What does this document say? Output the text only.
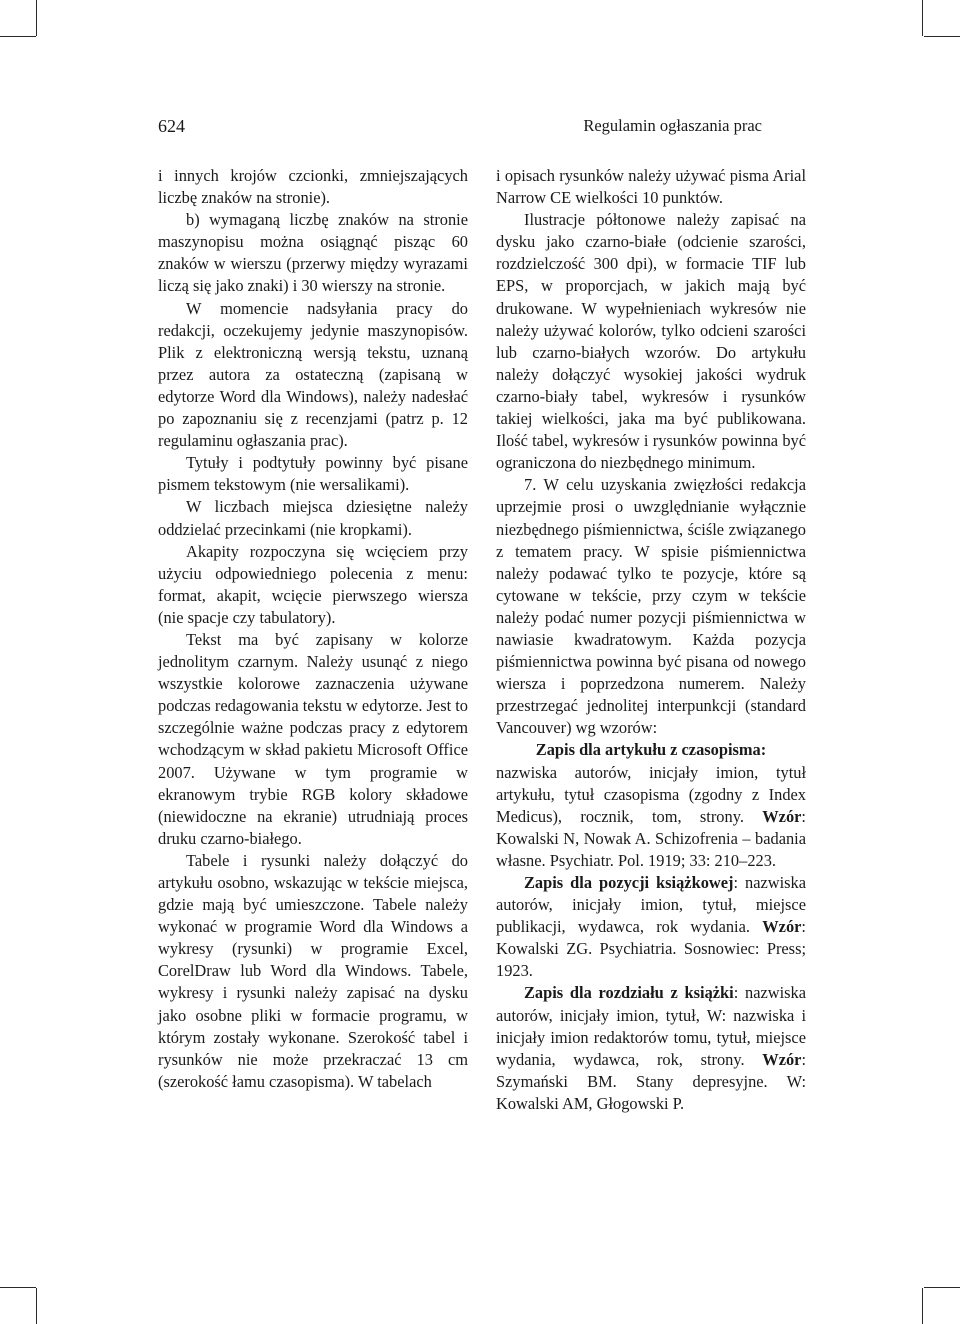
624	Regulamin ogłaszania prac

i innych krojów czcionki, zmniejszających liczbę znaków na stronie).

b) wymaganą liczbę znaków na stronie maszynopisu można osiągnąć pisząc 60 znaków w wierszu (przerwy między wyrazami liczą się jako znaki) i 30 wierszy na stronie.

W momencie nadsyłania pracy do redakcji, oczekujemy jedynie maszynopisów. Plik z elektroniczną wersją tekstu, uznaną przez autora za ostateczną (zapisaną w edytorze Word dla Windows), należy nadesłać po zapoznaniu się z recenzjami (patrz p. 12 regulaminu ogłaszania prac).

Tytuły i podtytuły powinny być pisane pismem tekstowym (nie wersalikami).

W liczbach miejsca dziesiętne należy oddzielać przecinkami (nie kropkami).

Akapity rozpoczyna się wcięciem przy użyciu odpowiedniego polecenia z menu: format, akapit, wcięcie pierwszego wiersza (nie spacje czy tabulatory).

Tekst ma być zapisany w kolorze jednolitym czarnym. Należy usunąć z niego wszystkie kolorowe zaznaczenia używane podczas redagowania tekstu w edytorze. Jest to szczególnie ważne podczas pracy z edytorem wchodzącym w skład pakietu Microsoft Office 2007. Używane w tym programie w ekranowym trybie RGB kolory składowe (niewidoczne na ekranie) utrudniają proces druku czarno-białego.

Tabele i rysunki należy dołączyć do artykułu osobno, wskazując w tekście miejsca, gdzie mają być umieszczone. Tabele należy wykonać w programie Word dla Windows a wykresy (rysunki) w programie Excel, CorelDraw lub Word dla Windows. Tabele, wykresy i rysunki należy zapisać na dysku jako osobne pliki w formacie programu, w którym zostały wykonane. Szerokość tabel i rysunków nie może przekraczać 13 cm (szerokość łamu czasopisma). W tabelach

i opisach rysunków należy używać pisma Arial Narrow CE wielkości 10 punktów.

Ilustracje półtonowe należy zapisać na dysku jako czarno-białe (odcienie szarości, rozdzielczość 300 dpi), w formacie TIF lub EPS, w proporcjach, w jakich mają być drukowane. W wypełnieniach wykresów nie należy używać kolorów, tylko odcieni szarości lub czarno-białych wzorów. Do artykułu należy dołączyć wysokiej jakości wydruk czarno-biały tabel, wykresów i rysunków takiej wielkości, jaka ma być publikowana. Ilość tabel, wykresów i rysunków powinna być ograniczona do niezbędnego minimum.

7. W celu uzyskania zwięzłości redakcja uprzejmie prosi o uwzględnianie wyłącznie niezbędnego piśmiennictwa, ściśle związanego z tematem pracy. W spisie piśmiennictwa należy podawać tylko te pozycje, które są cytowane w tekście, przy czym w tekście należy podać numer pozycji piśmiennictwa w nawiasie kwadratowym. Każda pozycja piśmiennictwa powinna być pisana od nowego wiersza i poprzedzona numerem. Należy przestrzegać jednolitej interpunkcji (standard Vancouver) wg wzorów:

Zapis dla artykułu z czasopisma:

nazwiska autorów, inicjały imion, tytuł artykułu, tytuł czasopisma (zgodny z Index Medicus), rocznik, tom, strony. Wzór: Kowalski N, Nowak A. Schizofrenia – badania własne. Psychiatr. Pol. 1919; 33: 210–223.

Zapis dla pozycji książkowej: nazwiska autorów, inicjały imion, tytuł, miejsce publikacji, wydawca, rok wydania. Wzór: Kowalski ZG. Psychiatria. Sosnowiec: Press; 1923.

Zapis dla rozdziału z książki: nazwiska autorów, inicjały imion, tytuł, W: nazwiska i inicjały imion redaktorów tomu, tytuł, miejsce wydania, wydawca, rok, strony. Wzór: Szymański BM. Stany depresyjne. W: Kowalski AM, Głogowski P.
